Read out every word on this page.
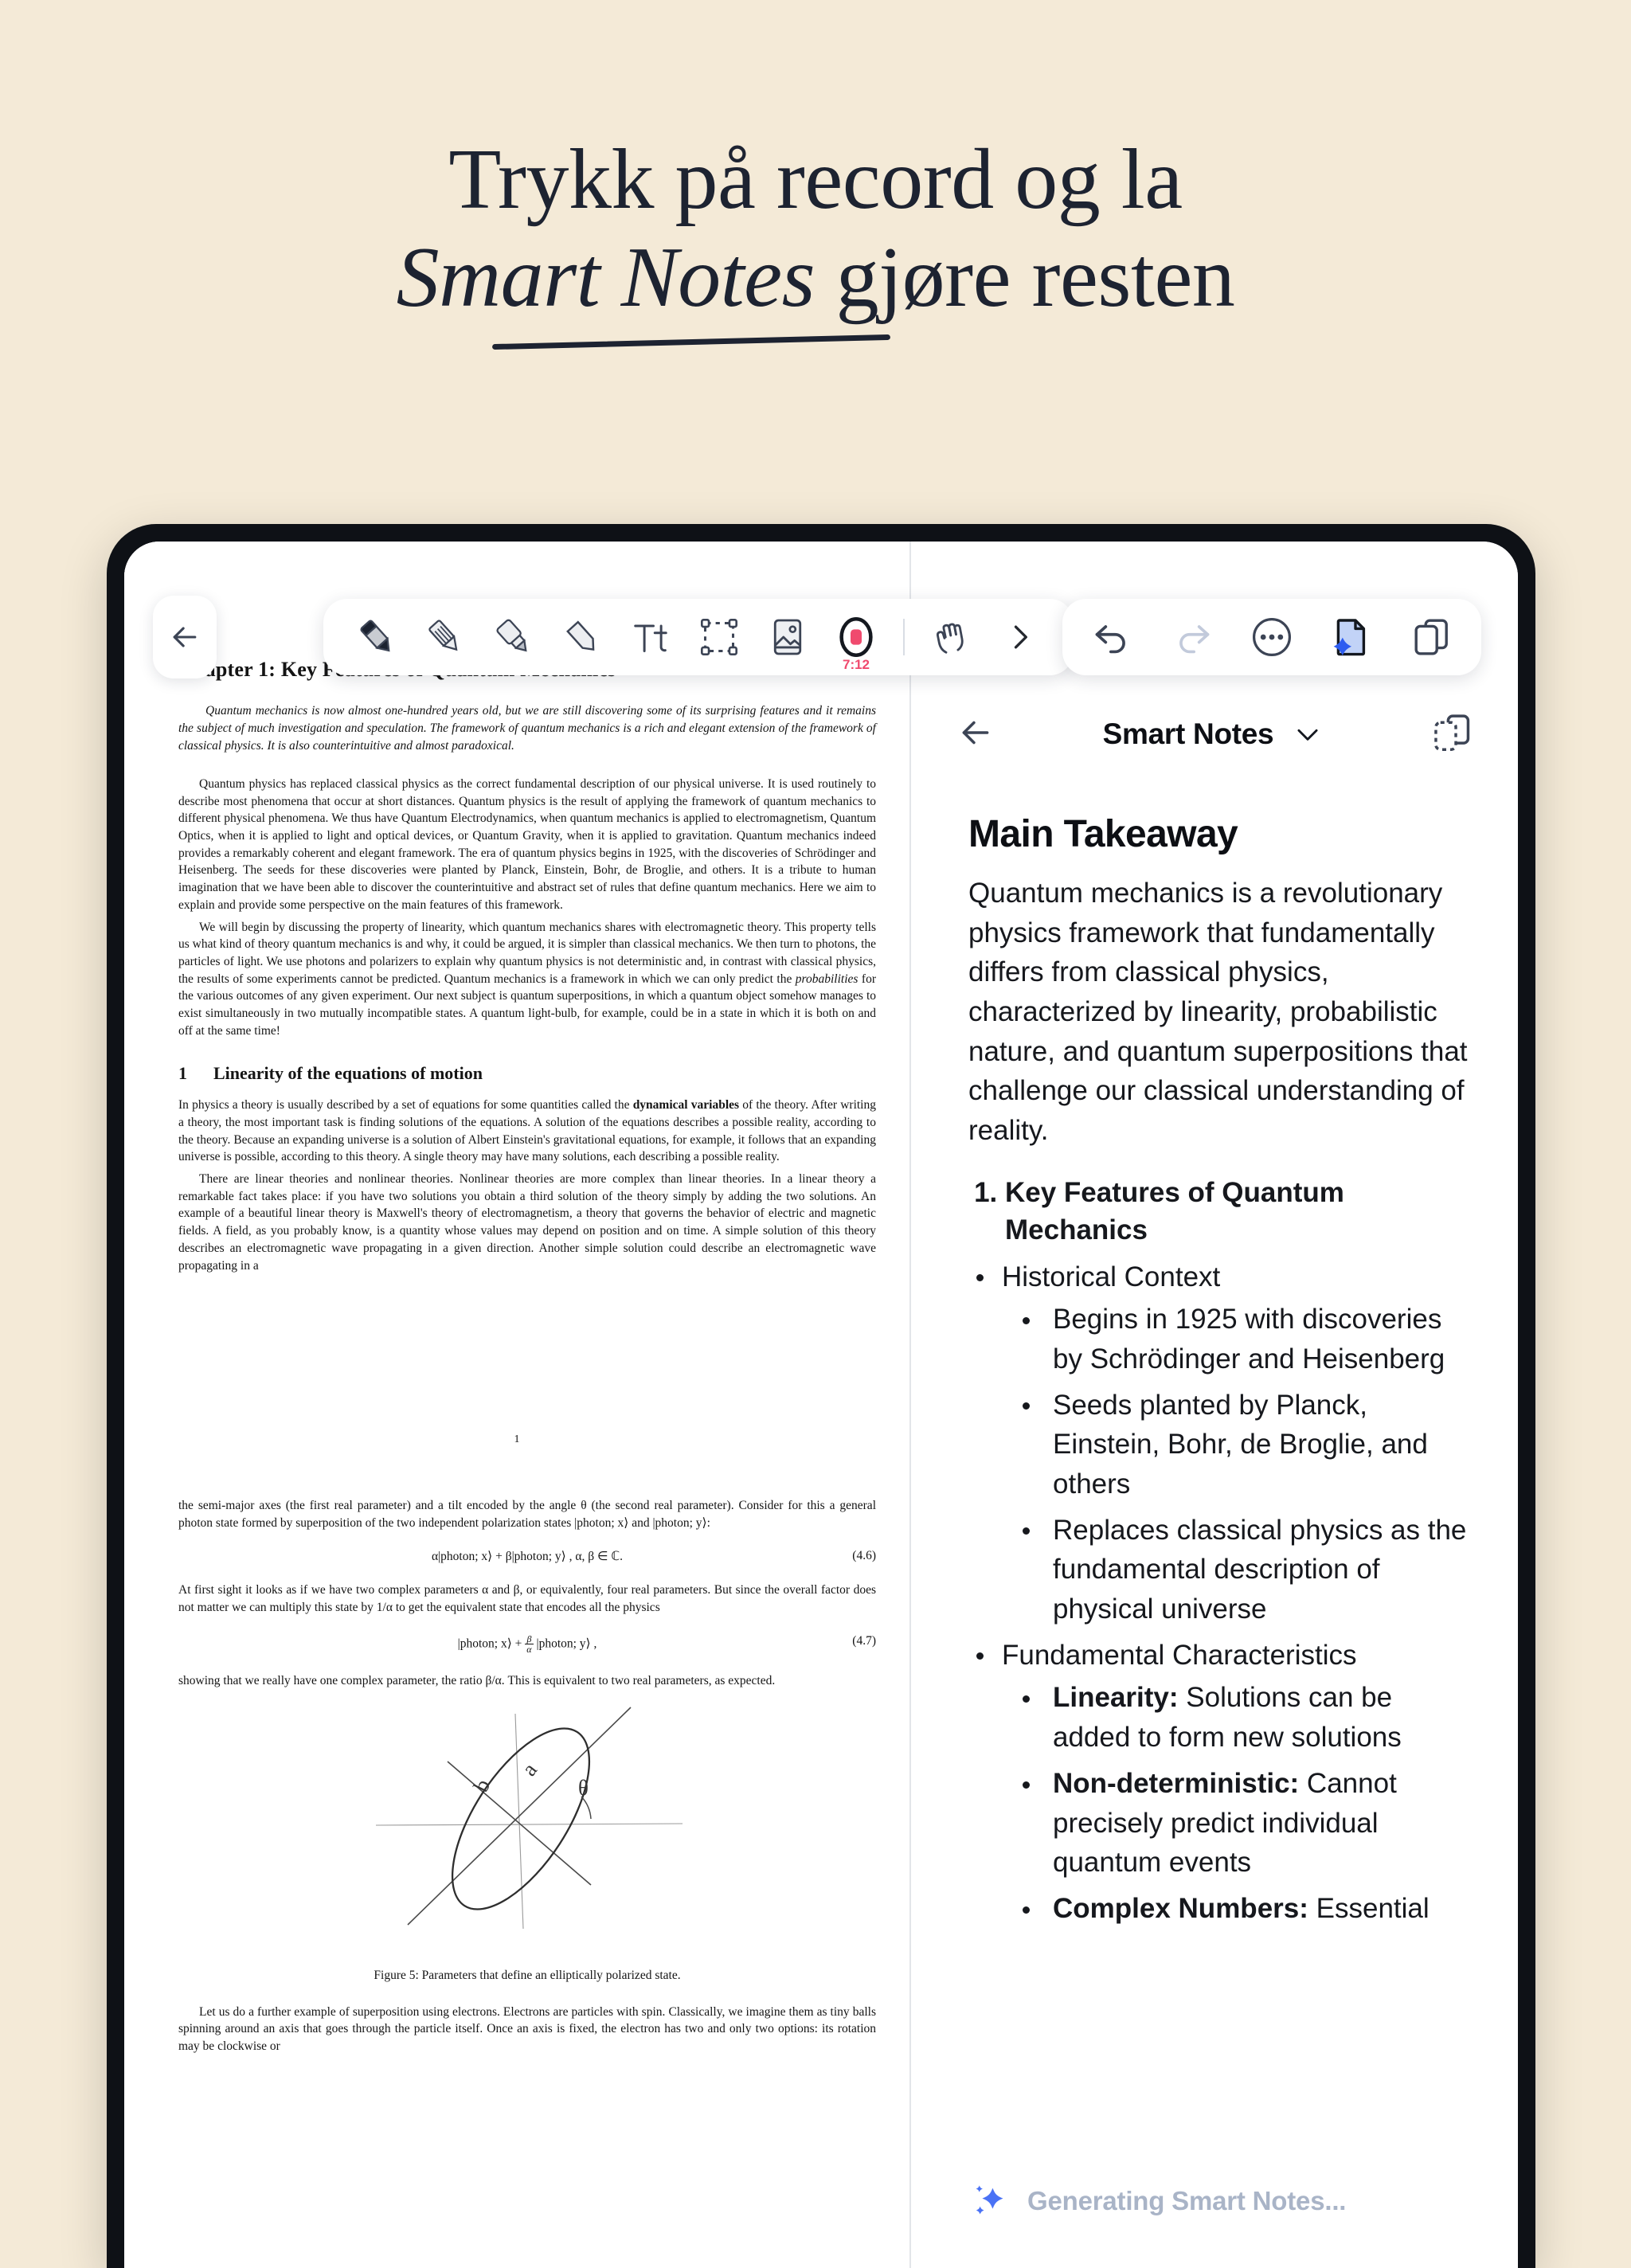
Trykk på record og la
Smart Notes gjøre resten
Chapter 1: Key

Quantum mechanics is now almost one-hundred years old, but we are still discovering some of its surprising features and it remains the subject of much investigation and speculation. The framework of quantum mechanics is a rich and elegant extension of the framework of classical physics. It is also counterintuitive and almost paradoxical.

Quantum physics has replaced classical physics as the correct fundamental description of our physical universe. It is used routinely to describe most phenomena that occur at short distances. Quantum physics is the result of applying the framework of quantum mechanics to different physical phenomena. We thus have Quantum Electrodynamics, when quantum mechanics is applied to electromagnetism, Quantum Optics, when it is applied to light and optical devices, or Quantum Gravity, when it is applied to gravitation. Quantum mechanics indeed provides a remarkably coherent and elegant framework. The era of quantum physics begins in 1925, with the discoveries of Schrödinger and Heisenberg. The seeds for these discoveries were planted by Planck, Einstein, Bohr, de Broglie, and others. It is a tribute to human imagination that we have been able to discover the counterintuitive and abstract set of rules that define quantum mechanics. Here we aim to explain and provide some perspective on the main features of this framework.

We will begin by discussing the property of linearity, which quantum mechanics shares with electromagnetic theory. This property tells us what kind of theory quantum mechanics is and why, it could be argued, it is simpler than classical mechanics. We then turn to photons, the particles of light. We use photons and polarizers to explain why quantum physics is not deterministic and, in contrast with classical physics, the results of some experiments cannot be predicted. Quantum mechanics is a framework in which we can only predict the probabilities for the various outcomes of any given experiment. Our next subject is quantum superpositions, in which a quantum object somehow manages to exist simultaneously in two mutually incompatible states. A quantum light-bulb, for example, could be in a state in which it is both on and off at the same time!

1 Linearity of the equations of motion

In physics a theory is usually described by a set of equations for some quantities called the dynamical variables of the theory. After writing a theory, the most important task is finding solutions of the equations. A solution of the equations describes a possible reality, according to the theory. Because an expanding universe is a solution of Albert Einstein's gravitational equations, for example, it follows that an expanding universe is possible, according to this theory. A single theory may have many solutions, each describing a possible reality.

There are linear theories and nonlinear theories. Nonlinear theories are more complex than linear theories. In a linear theory a remarkable fact takes place: if you have two solutions you obtain a third solution of the theory simply by adding the two solutions. An example of a beautiful linear theory is Maxwell's theory of electromagnetism, a theory that governs the behavior of electric and magnetic fields. A field, as you probably know, is a quantity whose values may depend on position and on time. A simple solution of this theory describes an electromagnetic wave propagating in a given direction. Another simple solution could describe an electromagnetic wave propagating in a

1

the semi-major axes (the first real parameter) and a tilt encoded by the angle θ (the second real parameter). Consider for this a general photon state formed by superposition of the two independent polarization states |photon; x⟩ and |photon; y⟩:

α|photon; x⟩ + β|photon; y⟩ , α, β ∈ ℂ.	(4.6)

At first sight it looks as if we have two complex parameters α and β, or equivalently, four real parameters. But since the overall factor does not matter we can multiply this state by 1/α to get the equivalent state that encodes all the physics

|photon; x⟩ + $\frac{\beta}{\alpha}$ |photon; y⟩ ,	(4.7)

showing that we really have one complex parameter, the ratio β/α. This is equivalent to two real parameters, as expected.

b
a
θ

Figure 5: Parameters that define an elliptically polarized state.

Let us do a further example of superposition using electrons. Electrons are particles with spin. Classically, we imagine them as tiny balls spinning around an axis that goes through the particle itself. Once an axis is fixed, the electron has two and only two options: its rotation may be clockwise or

7:12
Smart Notes
Main Takeaway

Quantum mechanics is a revolutionary physics framework that fundamentally differs from classical physics, characterized by linearity, probabilistic nature, and quantum superpositions that challenge our classical understanding of reality.

1. Key Features of Quantum Mechanics
Historical Context
Begins in 1925 with discoveries by Schrödinger and Heisenberg
Seeds planted by Planck, Einstein, Bohr, de Broglie, and others
Replaces classical physics as the fundamental description of physical universe
Fundamental Characteristics
Linearity: Solutions can be added to form new solutions
Non-deterministic: Cannot precisely predict individual quantum events
Complex Numbers: Essential
Generating Smart Notes...
